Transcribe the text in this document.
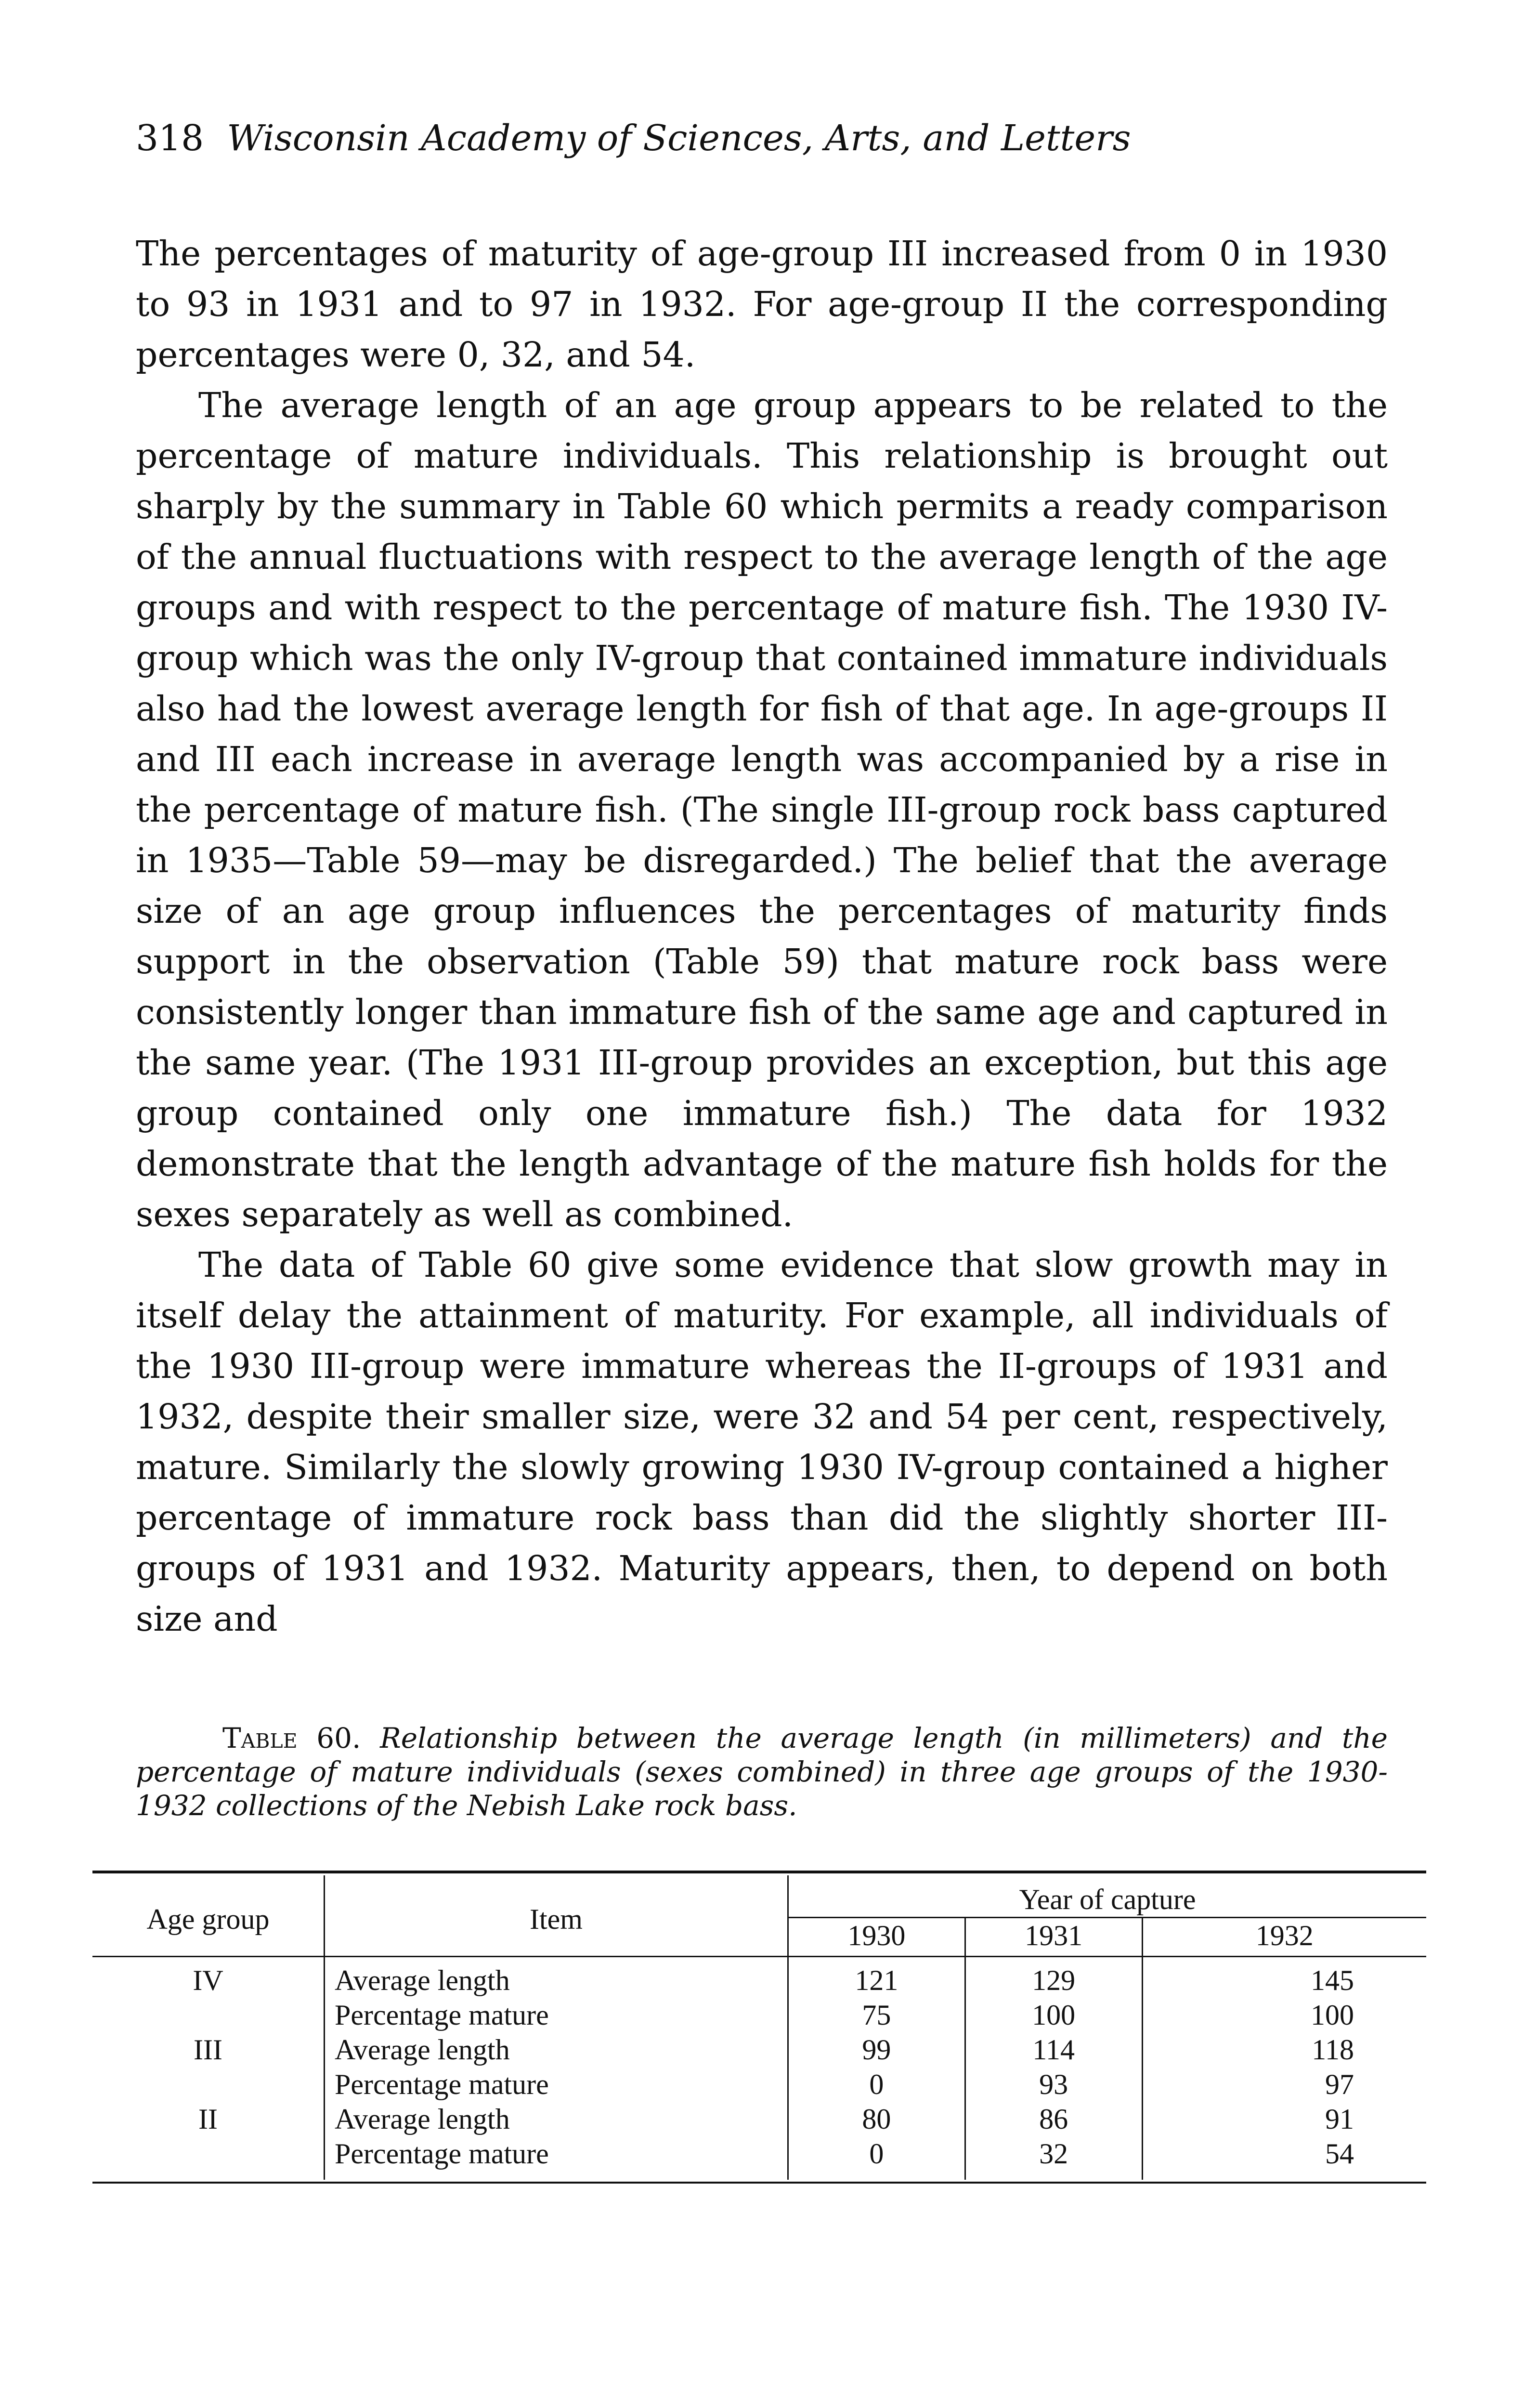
318 Wisconsin Academy of Sciences, Arts, and Letters

The percentages of maturity of age-group III increased from 0 in 1930 to 93 in 1931 and to 97 in 1932. For age-group II the corresponding percentages were 0, 32, and 54.

The average length of an age group appears to be related to the percentage of mature individuals. This relationship is brought out sharply by the summary in Table 60 which permits a ready comparison of the annual fluctuations with respect to the average length of the age groups and with respect to the percentage of mature fish. The 1930 IV-group which was the only IV-group that contained immature individuals also had the lowest average length for fish of that age. In age-groups II and III each increase in average length was accompanied by a rise in the percentage of mature fish. (The single III-group rock bass captured in 1935—Table 59—may be disregarded.) The belief that the average size of an age group influences the percentages of maturity finds support in the observation (Table 59) that mature rock bass were consistently longer than immature fish of the same age and captured in the same year. (The 1931 III-group provides an exception, but this age group contained only one immature fish.) The data for 1932 demonstrate that the length advantage of the mature fish holds for the sexes separately as well as combined.

The data of Table 60 give some evidence that slow growth may in itself delay the attainment of maturity. For example, all individuals of the 1930 III-group were immature whereas the II-groups of 1931 and 1932, despite their smaller size, were 32 and 54 per cent, respectively, mature. Similarly the slowly growing 1930 IV-group contained a higher percentage of immature rock bass than did the slightly shorter III-groups of 1931 and 1932. Maturity appears, then, to depend on both size and

Table 60. Relationship between the average length (in millimeters) and the percentage of mature individuals (sexes combined) in three age groups of the 1930-1932 collections of the Nebish Lake rock bass.

Age group	Item	Year of capture		
		1930	1931	1932
IV	Average length	121	129	145
	Percentage mature	75	100	100
III	Average length	99	114	118
	Percentage mature	0	93	97
II	Average length	80	86	91
	Percentage mature	0	32	54
